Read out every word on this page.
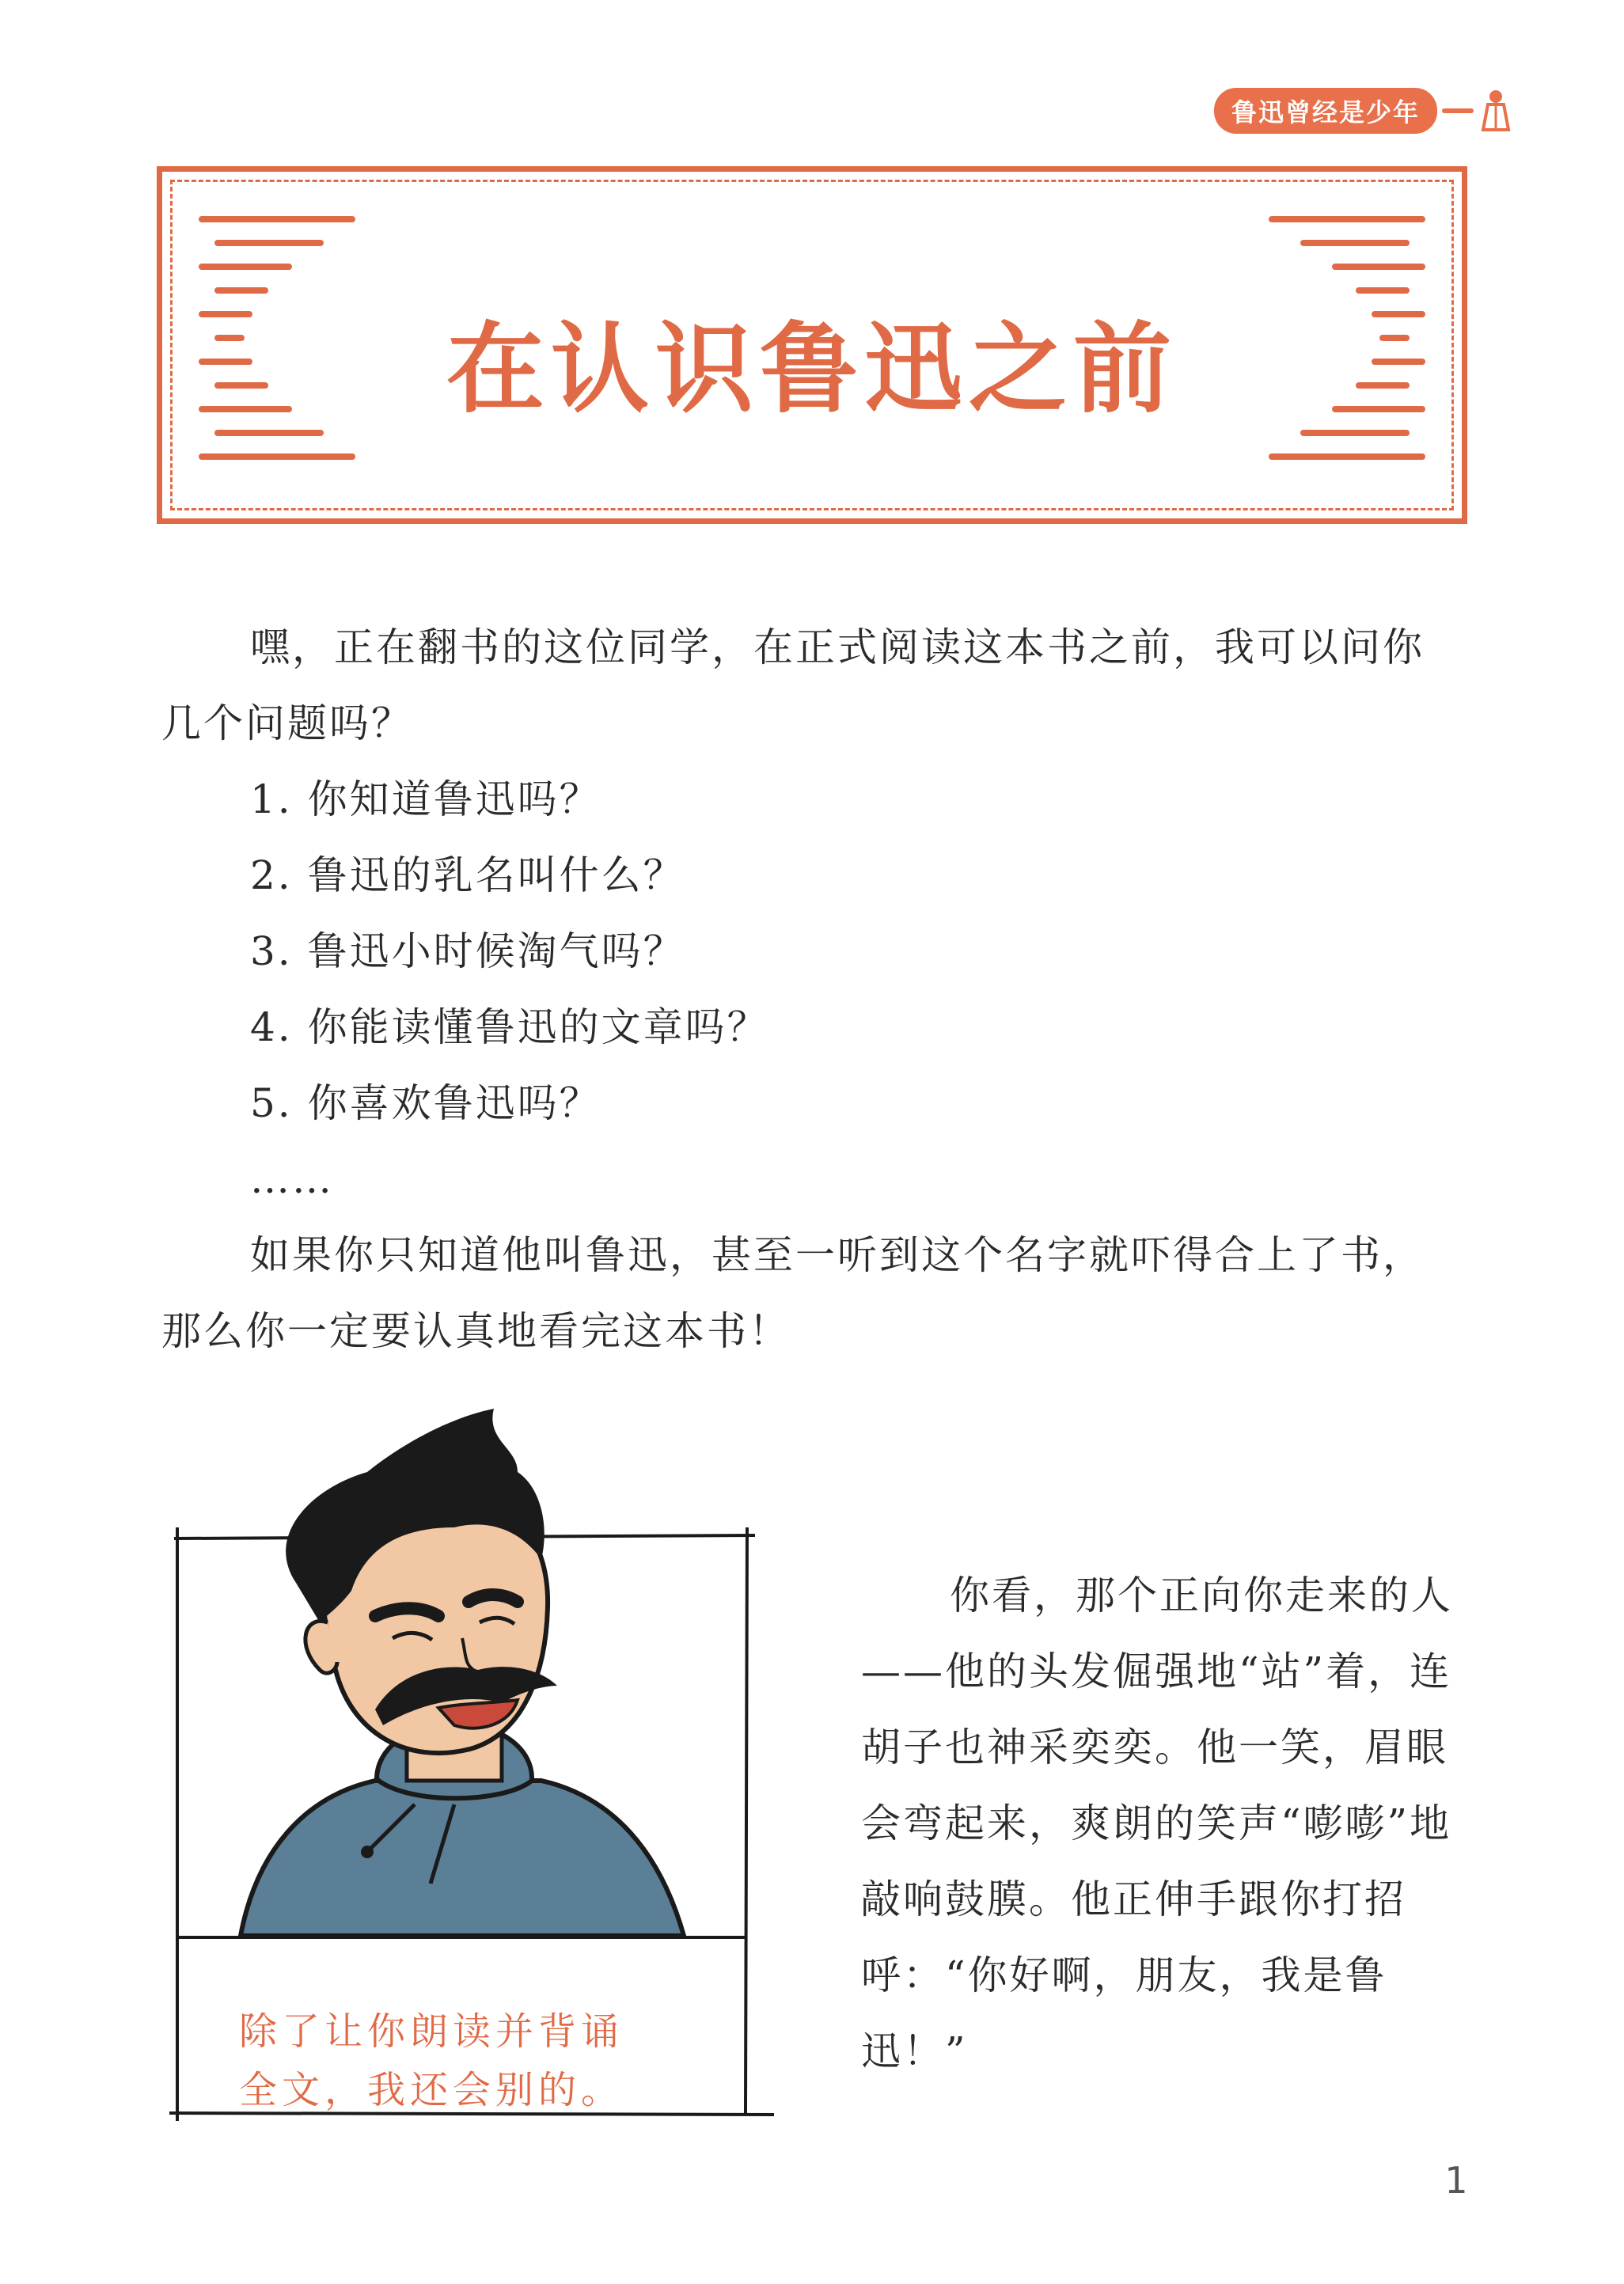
鲁迅曾经是少年
在认识鲁迅之前
嘿，正在翻书的这位同学，在正式阅读这本书之前，我可以问你几个问题吗？
1. 你知道鲁迅吗？
2. 鲁迅的乳名叫什么？
3. 鲁迅小时候淘气吗？
4. 你能读懂鲁迅的文章吗？
5. 你喜欢鲁迅吗？
……
如果你只知道他叫鲁迅，甚至一听到这个名字就吓得合上了书，那么你一定要认真地看完这本书！
除了让你朗读并背诵
全文，我还会别的。
你看，那个正向你走来的人——他的头发倔强地“站”着，连胡子也神采奕奕。他一笑，眉眼会弯起来，爽朗的笑声“嘭嘭”地敲响鼓膜。他正伸手跟你打招呼：“你好啊，朋友，我是鲁迅！”
1
